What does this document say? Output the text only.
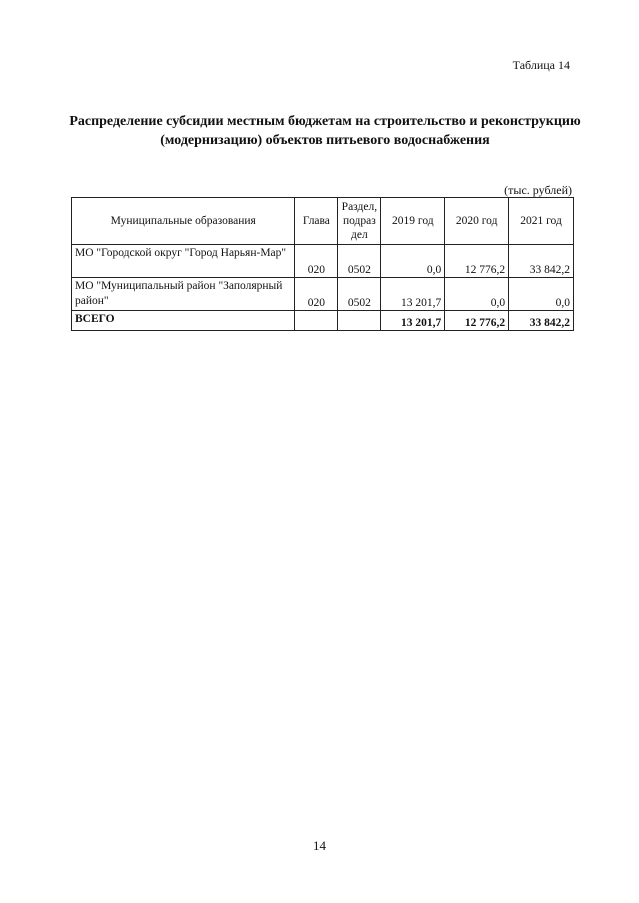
Таблица 14
Распределение субсидии местным бюджетам на строительство и реконструкцию (модернизацию) объектов питьевого водоснабжения
(тыс. рублей)
Муниципальные образования	Глава	Раздел, подраз дел	2019 год	2020 год	2021 год
МО "Городской округ "Город Нарьян-Мар"	020	0502	0,0	12 776,2	33 842,2
МО "Муниципальный район "Заполярный район"	020	0502	13 201,7	0,0	0,0
ВСЕГО			13 201,7	12 776,2	33 842,2
14
